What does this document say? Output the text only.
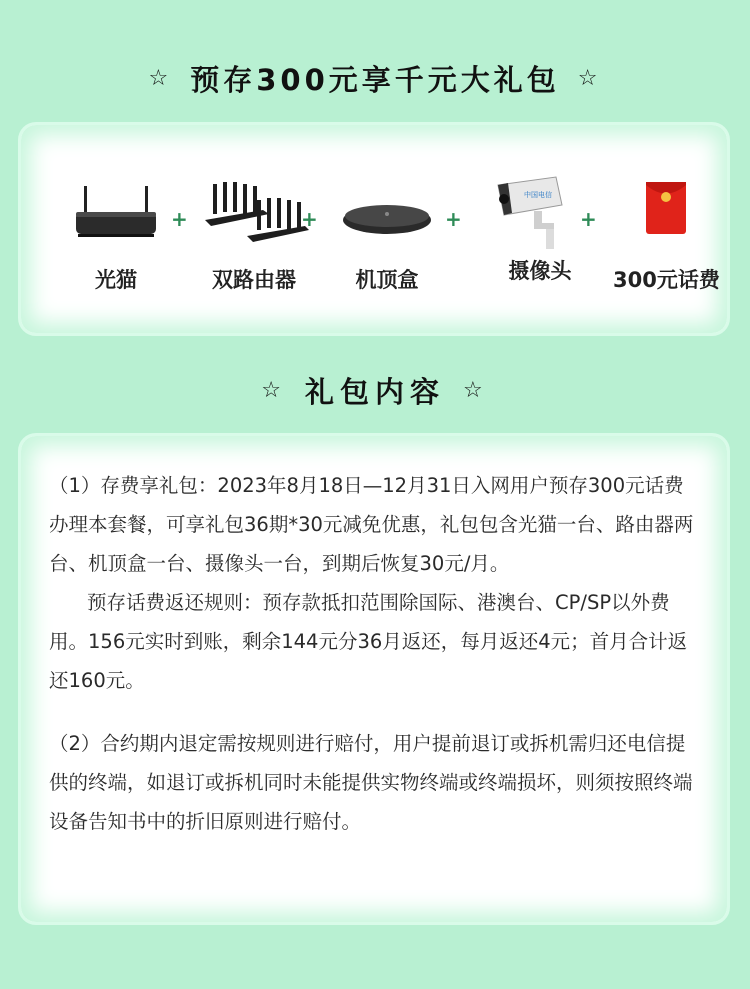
☆ 预存300元享千元大礼包 ☆
光猫
+
双路由器
+
机顶盒
+
中国电信
摄像头
+
300元话费
☆ 礼包内容 ☆

（1）存费享礼包：2023年8月18日—12月31日入网用户预存300元话费办理本套餐，可享礼包36期*30元减免优惠，礼包包含光猫一台、路由器两台、机顶盒一台、摄像头一台，到期后恢复30元/月。

预存话费返还规则：预存款抵扣范围除国际、港澳台、CP/SP以外费用。156元实时到账，剩余144元分36月返还，每月返还4元；首月合计返还160元。

（2）合约期内退定需按规则进行赔付，用户提前退订或拆机需归还电信提供的终端，如退订或拆机同时未能提供实物终端或终端损坏，则须按照终端设备告知书中的折旧原则进行赔付。
